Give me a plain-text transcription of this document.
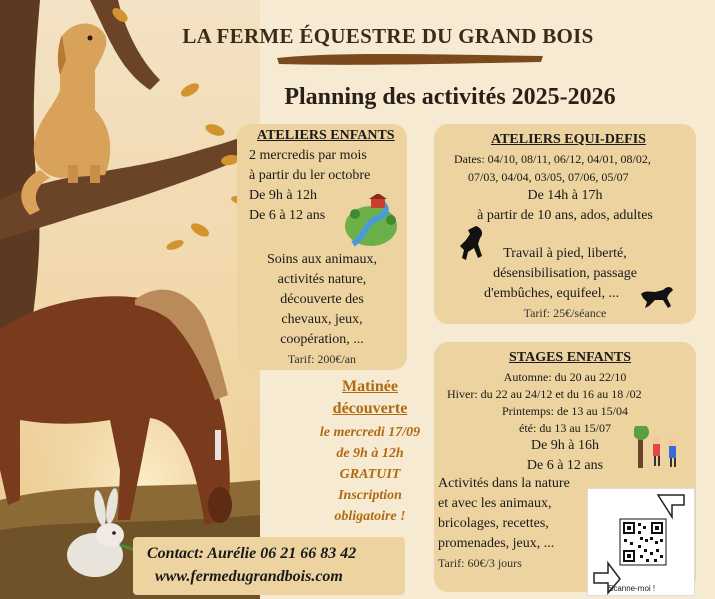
LA FERME ÉQUESTRE DU GRAND BOIS
Planning des activités 2025-2026
ATELIERS ENFANTS
2 mercredis par mois
à partir du ler octobre
De 9h à 12h
De 6 à 12 ans
Soins aux animaux,
activités nature,
découverte des
chevaux, jeux,
coopération, ...
Tarif: 200€/an
ATELIERS EQUI-DEFIS
Dates: 04/10, 08/11, 06/12, 04/01, 08/02,
07/03, 04/04, 03/05, 07/06, 05/07
De 14h à 17h
à partir de 10 ans, ados, adultes
Travail à pied, liberté,
désensibilisation, passage
d'embûches, equifeel, ...
Tarif: 25€/séance
STAGES ENFANTS
Automne: du 20 au 22/10
Hiver: du 22 au 24/12 et du 16 au 18 /02
Printemps: de 13 au 15/04
été: du 13 au 15/07
De 9h à 16h
De 6 à 12 ans
Activités dans la nature
et avec les animaux,
bricolages, recettes,
promenades, jeux, ...
Tarif: 60€/3 jours
Matinée
découverte
le mercredi 17/09
de 9h à 12h
GRATUIT
Inscription
obligatoire !
Contact: Aurélie 06 21 66 83 42
www.fermedugrandbois.com
Scanne-moi !
